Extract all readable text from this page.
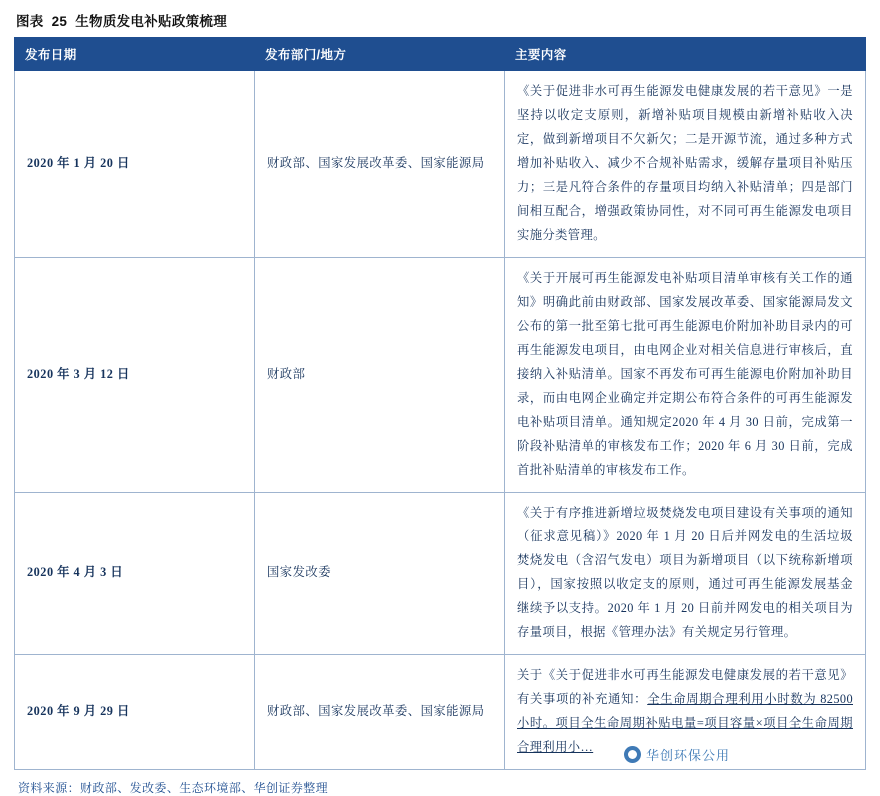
图表 25 生物质发电补贴政策梳理
发布日期	发布部门/地方	主要内容
2020 年 1 月 20 日	财政部、国家发展改革委、国家能源局	《关于促进非水可再生能源发电健康发展的若干意见》一是坚持以收定支原则，新增补贴项目规模由新增补贴收入决定，做到新增项目不欠新欠；二是开源节流，通过多种方式增加补贴收入、减少不合规补贴需求，缓解存量项目补贴压力；三是凡符合条件的存量项目均纳入补贴清单；四是部门间相互配合，增强政策协同性，对不同可再生能源发电项目实施分类管理。
2020 年 3 月 12 日	财政部	《关于开展可再生能源发电补贴项目清单审核有关工作的通知》明确此前由财政部、国家发展改革委、国家能源局发文公布的第一批至第七批可再生能源电价附加补助目录内的可再生能源发电项目，由电网企业对相关信息进行审核后，直接纳入补贴清单。国家不再发布可再生能源电价附加补助目录，而由电网企业确定并定期公布符合条件的可再生能源发电补贴项目清单。通知规定2020 年 4 月 30 日前，完成第一阶段补贴清单的审核发布工作；2020 年 6 月 30 日前，完成首批补贴清单的审核发布工作。
2020 年 4 月 3 日	国家发改委	《关于有序推进新增垃圾焚烧发电项目建设有关事项的通知（征求意见稿）》2020 年 1 月 20 日后并网发电的生活垃圾焚烧发电（含沼气发电）项目为新增项目（以下统称新增项目），国家按照以收定支的原则，通过可再生能源发展基金继续予以支持。2020 年 1 月 20 日前并网发电的相关项目为存量项目，根据《管理办法》有关规定另行管理。
2020 年 9 月 29 日	财政部、国家发展改革委、国家能源局	关于《关于促进非水可再生能源发电健康发展的若干意见》有关事项的补充通知：全生命周期合理利用小时数为 82500 小时。项目全生命周期补贴电量=项目容量×项目全生命周期合理利用小…
资料来源：财政部、发改委、生态环境部、华创证券整理
华创环保公用
